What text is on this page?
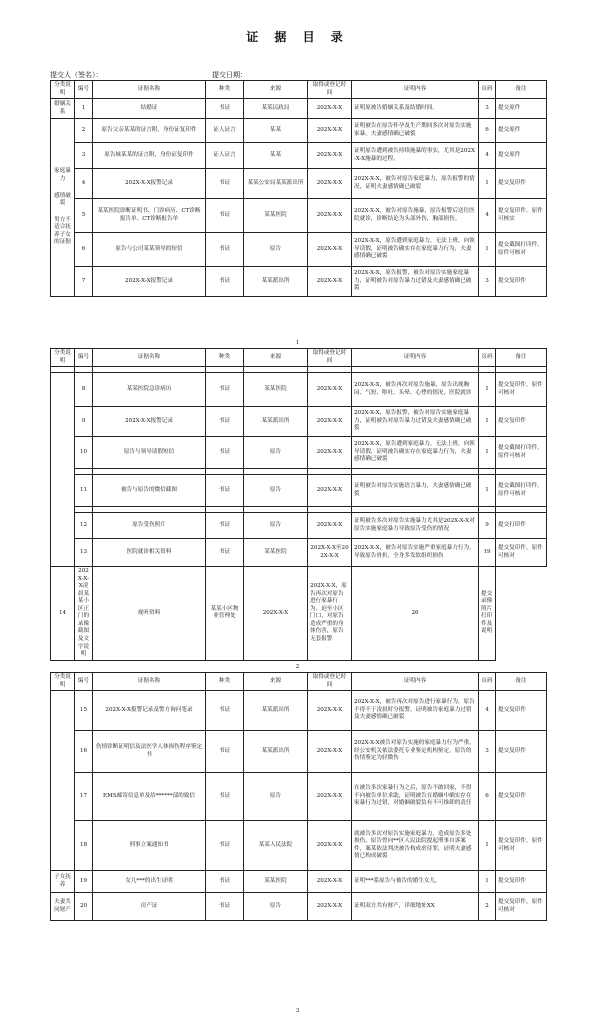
证 据 目 录
提交人（签名）：	提交日期：
分类说明	编号	证据名称	种类	来源	取得或登记时间	证明内容	页码	备注
婚姻关系	1	结婚证	书证	某某民政局	202X-X-X	证明原被告婚姻关系及结婚时间。	3	提交原件

家庭暴力
感情破裂
男方不适合抚养子女的证据	2	原告父亲某某的证言附，身份证复印件	证人证言	某某	202X-X-X	证明被告在原告怀孕及生产期间多次对原告实施家暴，夫妻感情确已破裂	6	提交原件
	3	原告妹某某的证言附，身份证复印件	证人证言	某某	202X-X-X	证明原告遭到被告持续施暴的事实，尤其是202X-X-X施暴的过程。	4	提交原件
	4	202X-X-X报警记录	书证	某某公安局某某派出所	202X-X-X	202X-X-X，被告对原告家庭暴力，原告报警的情况，证明夫妻感情确已破裂	1	提交复印件
	5	某某医院诊断证明书、门诊病历、CT诊断报告单、CT诊断报告单	书证	某某医院	202X-X-X	202X-X-X，被告对原告施暴，原告报警后送往医院就诊，诊断结论为头部外伤，胸部损伤。	4	提交复印件，原件可核实
	6	原告与公司某某领导的短信	书证	原告	202X-X-X	202X-X-X，原告遭到家庭暴力，无法上班，向领导请假，证明被告确实存在家庭暴力行为，夫妻感情确已破裂	1	提交截图打印件，原件可核对
	7	202X-X-X报警记录	书证	某某派出所	202X-X-X	202X-X-X，原告报警，被告对原告实施家庭暴力，证明被告对原告暴力过错及夫妻感情确已破裂	3	提交复印件
1
分类说明	编号	证据名称	种类	来源	取得或登记时间	证明内容	页码	备注

	8	某某医院急诊病历	书证	某某医院	202X-X-X	202X-X-X，被告再次对原告施暴，原告出现胸闷、气短、呕吐、头晕、心悸的情况，医院就诊	1	提交复印件，原件可核对
	9	202X-X-X报警记录	书证	某某派出所	202X-X-X	202X-X-X，原告报警，被告对原告实施家庭暴力，证明被告对原告暴力过错及夫妻感情确已破裂	1	提交复印件
	10	原告与领导请假短信	书证	原告	202X-X-X	202X-X-X，原告遭到家庭暴力，无法上班，向领导请假，证明被告确实存在家庭暴力行为，夫妻感情确已破裂	1	提交截图打印件，原件可核对

	11	被告与原告的微信截图	书证	原告	202X-X-X	证明被告对原告实施语言暴力，夫妻感情确已破裂	1	提交截图打印件，原件可核对

	12	原告受伤照片	书证	原告	202X-X-X	证明被告多次对原告实施暴力尤其是202X-X-X对原告实施家庭暴力导致原告受伤的情况	9	提交打印件
	13	医院就诊相关资料	书证	某某医院	202X-X-X至202X-X-X	202X-X-X，被告对原告实施严重家庭暴力行为，导致原告骨折，全身多发软组织损伤	19	提交复印件，原件可核对
14	202X-X-X凌晨某某小区正门的录像截图及文字说明	视听资料	某某小区物业管理处	202X-X-X	202X-X-X，原告再次对原告进行家暴行为，迫至小区门口，对原告造成严重的身体伤害，原告无套报警	26	提交录像照片打印件及说明	
2
分类说明	编号	证据名称	种类	来源	取得或登记时间	证明内容	页码	备注
	15	202X-X-X报警记录及警方询问笔录	书证	某某派出所	202X-X-X	202X-X-X，被告再次对原告进行家暴行为，原告不得不于凌晨时分报警，证明被告家庭暴力过错及夫妻感情确已破裂	4	提交复印件
	16	伤情诊断证明信及法医学人体损伤程序鉴定书	书证	某某派出所	202X-X-X	202X-X-X被告对原告实施的家庭暴力行为严重，经公安机关依法委托专业鉴定机构鉴定，原告的伤情鉴定为轻微伤	3	提交复印件
	17	EMS邮寄信息单及给******部的致信	书证	原告	202X-X-X	在被告多次家暴行为之后，原告不敢回家，不得不向被告单位求助，证明被告在婚姻中确实存在家暴行为过错，对婚姻破裂负有不可推卸的责任	6	提交复印件
	18	刑事立案通知书	书证	某某人民法院	202X-X-X	就被告多次对原告实施家庭暴力，造成原告多处损伤，原告曾向**区人民法院提起刑事自诉案件，案某依法判决被告构成虐待罪，证明夫妻感情已构成破裂	1	提交复印件，原件可核对
子女抚养	19	女儿***的出生证明	书证	某某医院	202X-X-X	证明***系原告与被告的婚生女儿。	1	提交复印件
夫妻共同财产	20	房产证	书证	原告	202X-X-X	证明双方共有财产，详细地址XX	2	提交复印件，原件可核对
3
